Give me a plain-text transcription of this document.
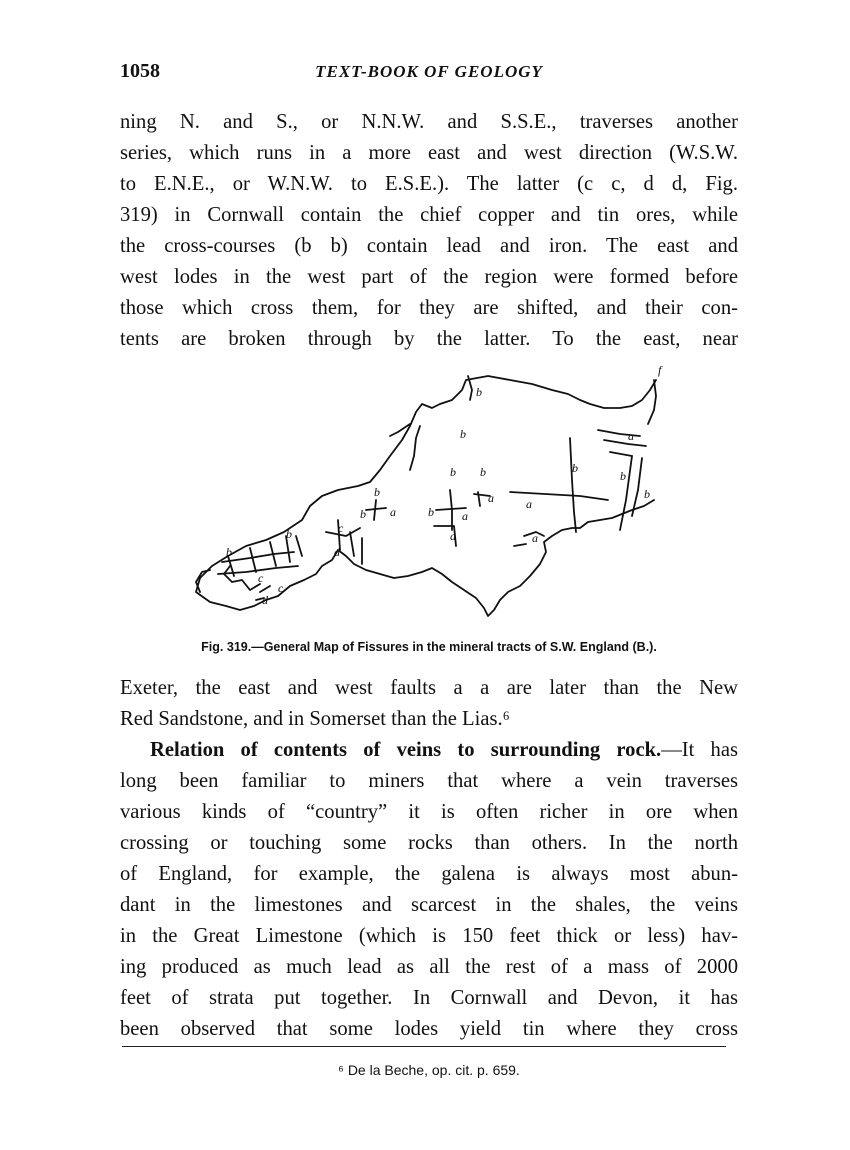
1058	TEXT-BOOK OF GEOLOGY
ning N. and S., or N.N.W. and S.S.E., traverses another
series, which runs in a more east and west direction (W.S.W.
to E.N.E., or W.N.W. to E.S.E.). The latter (c c, d d, Fig.
319) in Cornwall contain the chief copper and tin ores, while
the cross-courses (b b) contain lead and iron. The east and
west lodes in the west part of the region were formed before
those which cross them, for they are shifted, and their con-
tents are broken through by the latter. To the east, near
b
b
b b	b
b
b
b
b	b
b
a	a
a	a
a	a
a
c
c
c
d
d
f
b
Fig. 319.—General Map of Fissures in the mineral tracts of S.W. England (B.).
Exeter, the east and west faults a a are later than the New
Red Sandstone, and in Somerset than the Lias.⁶
Relation of contents of veins to surrounding rock.—It has
long been familiar to miners that where a vein traverses
various kinds of “country” it is often richer in ore when
crossing or touching some rocks than others. In the north
of England, for example, the galena is always most abun-
dant in the limestones and scarcest in the shales, the veins
in the Great Limestone (which is 150 feet thick or less) hav-
ing produced as much lead as all the rest of a mass of 2000
feet of strata put together. In Cornwall and Devon, it has
been observed that some lodes yield tin where they cross
⁶ De la Beche, op. cit. p. 659.
